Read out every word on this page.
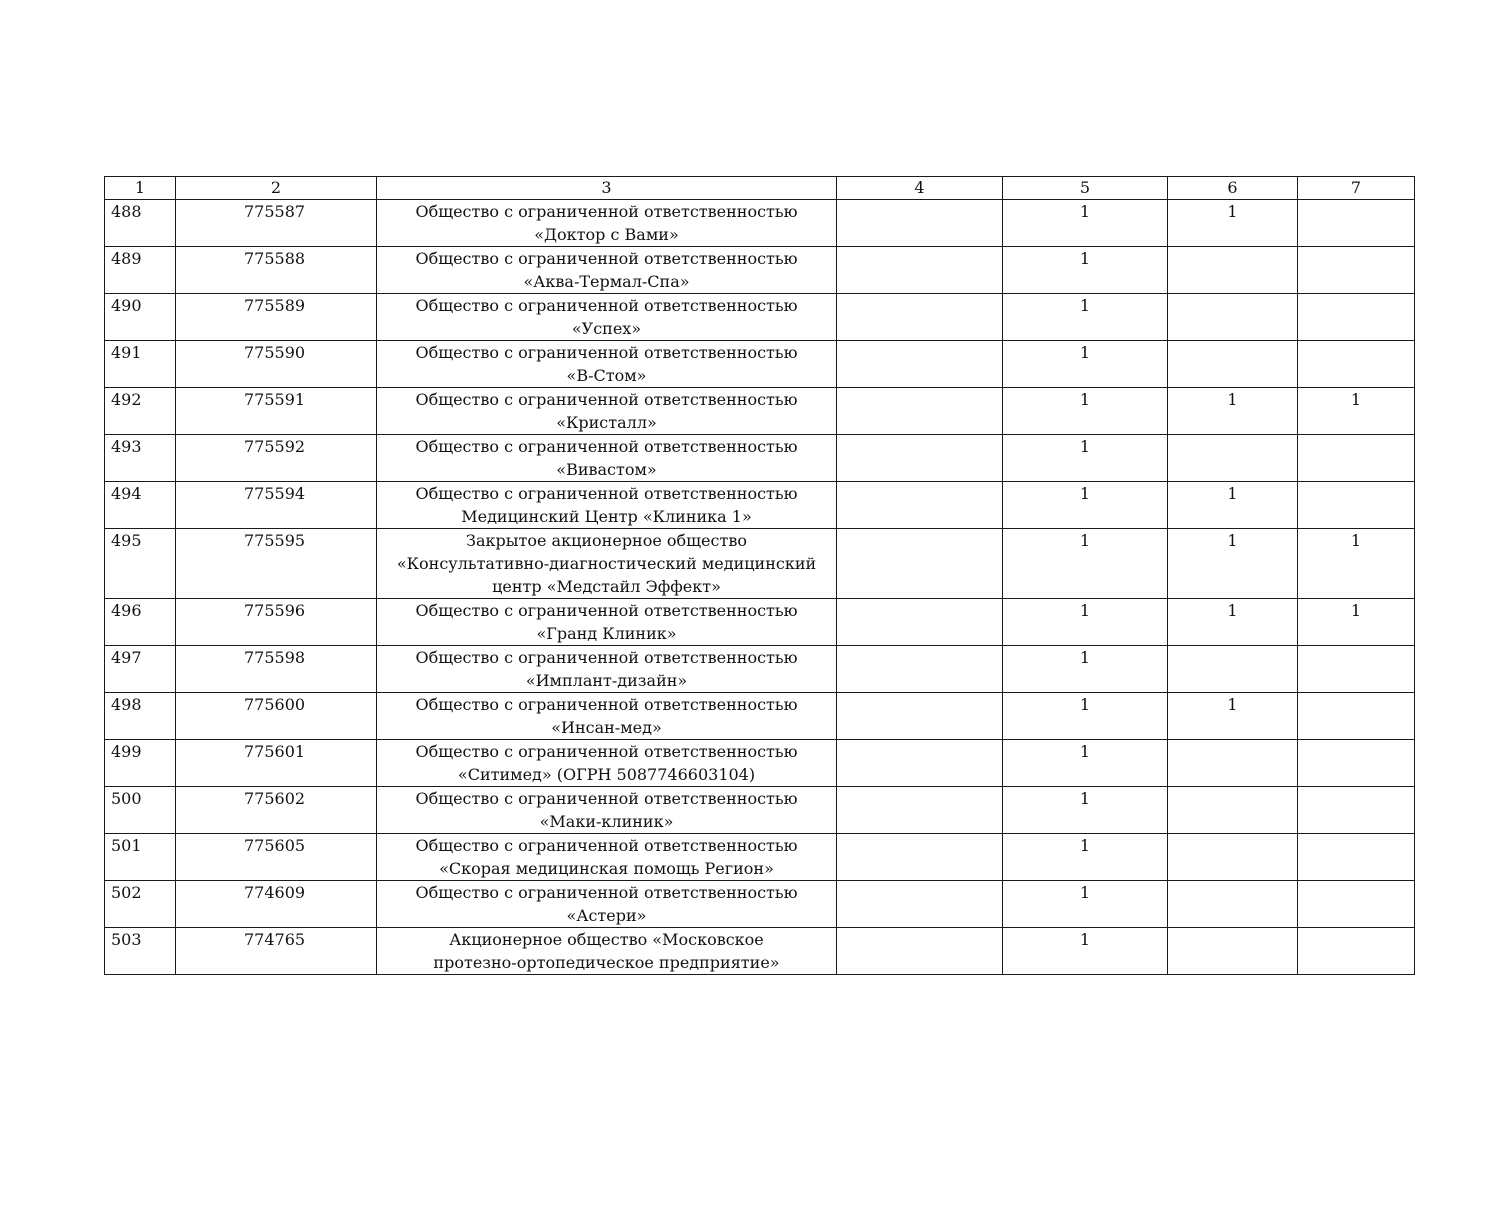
1	2	3	4	5	6	7
488	775587	Общество с ограниченной ответственностью
«Доктор с Вами»		1	1	
489	775588	Общество с ограниченной ответственностью
«Аква-Термал-Спа»		1		
490	775589	Общество с ограниченной ответственностью
«Успех»		1		
491	775590	Общество с ограниченной ответственностью
«В-Стом»		1		
492	775591	Общество с ограниченной ответственностью
«Кристалл»		1	1	1
493	775592	Общество с ограниченной ответственностью
«Вивастом»		1		
494	775594	Общество с ограниченной ответственностью
Медицинский Центр «Клиника 1»		1	1	
495	775595	Закрытое акционерное общество
«Консультативно-диагностический медицинский
центр «Медстайл Эффект»		1	1	1
496	775596	Общество с ограниченной ответственностью
«Гранд Клиник»		1	1	1
497	775598	Общество с ограниченной ответственностью
«Имплант-дизайн»		1		
498	775600	Общество с ограниченной ответственностью
«Инсан-мед»		1	1	
499	775601	Общество с ограниченной ответственностью
«Ситимед» (ОГРН 5087746603104)		1		
500	775602	Общество с ограниченной ответственностью
«Маки-клиник»		1		
501	775605	Общество с ограниченной ответственностью
«Скорая медицинская помощь Регион»		1		
502	774609	Общество с ограниченной ответственностью
«Астери»		1		
503	774765	Акционерное общество «Московское
протезно-ортопедическое предприятие»		1		
